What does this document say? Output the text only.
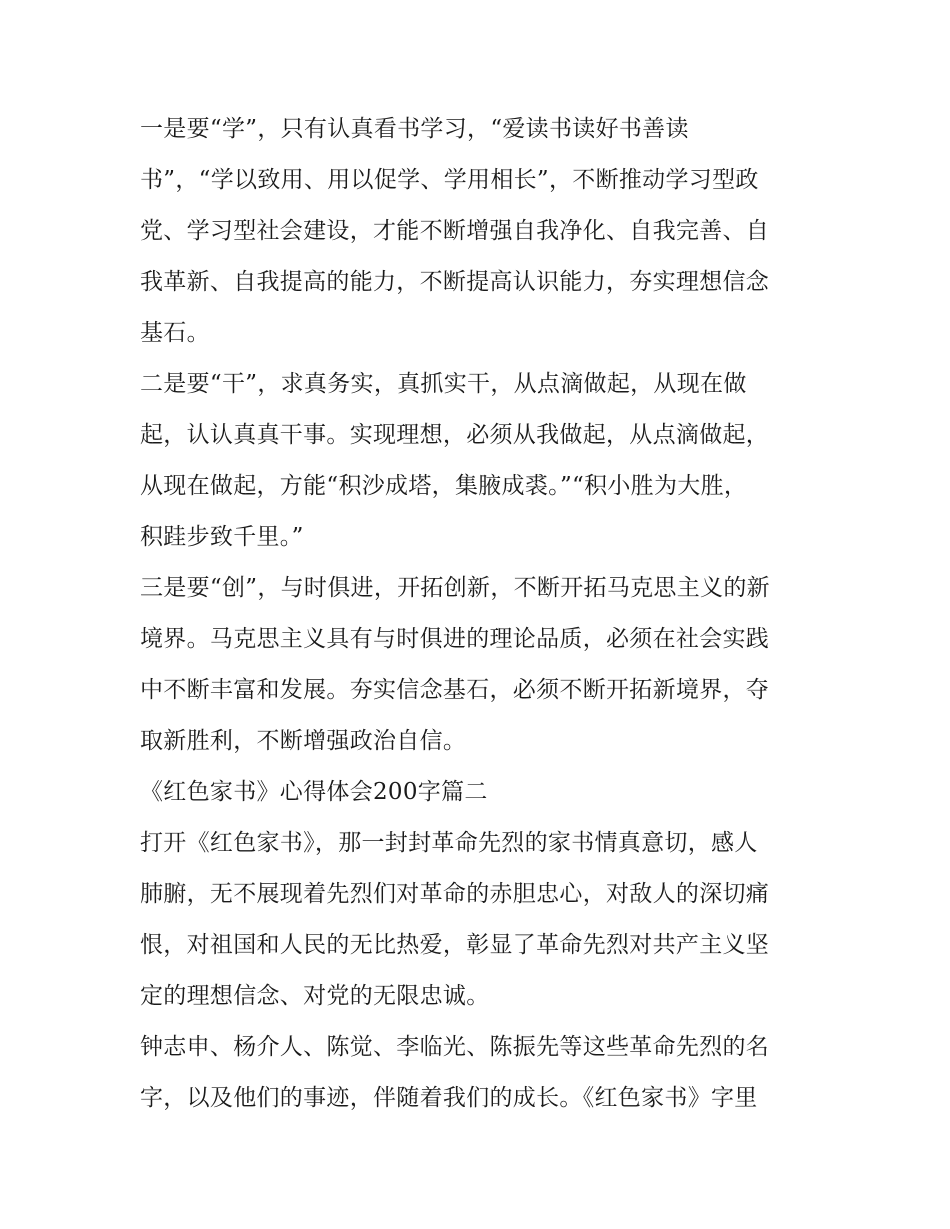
一是要“学”，只有认真看书学习，“爱读书读好书善读
书”，“学以致用、用以促学、学用相长”，不断推动学习型政
党、学习型社会建设，才能不断增强自我净化、自我完善、自
我革新、自我提高的能力，不断提高认识能力，夯实理想信念
基石。
二是要“干”，求真务实，真抓实干，从点滴做起，从现在做
起，认认真真干事。实现理想，必须从我做起，从点滴做起，
从现在做起，方能“积沙成塔，集腋成裘。”“积小胜为大胜，
积跬步致千里。”
三是要“创”，与时俱进，开拓创新，不断开拓马克思主义的新
境界。马克思主义具有与时俱进的理论品质，必须在社会实践
中不断丰富和发展。夯实信念基石，必须不断开拓新境界，夺
取新胜利，不断增强政治自信。
《红色家书》心得体会200字篇二
打开《红色家书》，那一封封革命先烈的家书情真意切，感人
肺腑，无不展现着先烈们对革命的赤胆忠心，对敌人的深切痛
恨，对祖国和人民的无比热爱，彰显了革命先烈对共产主义坚
定的理想信念、对党的无限忠诚。
钟志申、杨介人、陈觉、李临光、陈振先等这些革命先烈的名
字，以及他们的事迹，伴随着我们的成长。《红色家书》字里
